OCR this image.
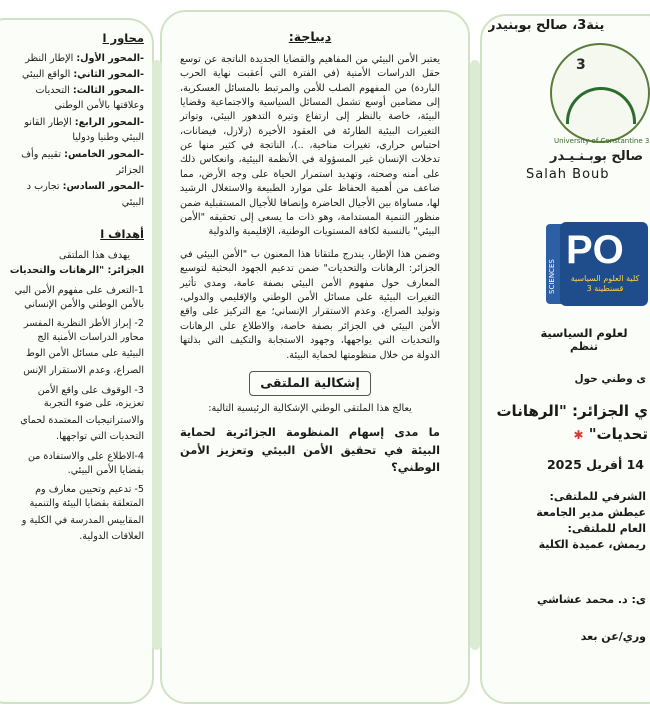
محاور ا
-المحور الأول: الإطار النظر
-المحور الثاني: الواقع البيئي
-المحور الثالث: التحديات
وعلاقتها بالأمن الوطني
-المحور الرابع: الإطار القانو
البيئي وطنيا ودوليا
-المحور الخامس: تقييم وأف
الجزائر
-المحور السادس: تجارب د
البيئي
أهداف ا
يهدف هذا الملتقى
الجزائر: "الرهانات والتحديات
1-التعرف على مفهوم الأمن البي
بالأمن الوطني والأمن الإنساني
2- إبراز الأطر النظرية المفسر
محاور الدراسات الأمنية الج
البيئية على مسائل الأمن الوط
الصراع، وعدم الاستقرار الإنس
3- الوقوف على واقع الأمن
تعزيزه، على ضوء التجربة
والاستراتيجيات المعتمدة لحماي
التحديات التي تواجهها.
4-الاطلاع على والاستفادة من
بقضايا الأمن البيئي.
5- تدعيم وتحيين معارف وم
المتعلقة بقضايا البيئة والتنمية
المقاييس المدرسة في الكلية و
العلاقات الدولية.
ديباجة:
يعتبر الأمن البيئي من المفاهيم والقضايا الجديدة الناتجة عن توسع حقل الدراسات الأمنية (في الفترة التي أعقبت نهاية الحرب الباردة) من المفهوم الصلب للأمن والمرتبط بالمسائل العسكرية، إلى مضامين أوسع تشمل المسائل السياسية والاجتماعية وقضايا البيئة، خاصة بالنظر إلى ارتفاع وتيرة التدهور البيئي، وتواتر التغيرات البيئية الطارئة في العقود الأخيرة (زلازل، فيضانات، احتباس حراري، تغيرات مناخية، ..)، الناتجة في كثير منها عن تدخلات الإنسان غير المسؤولة في الأنظمة البيئية، وانعكاس ذلك على أمنه وصحته، وتهديد استمرار الحياة على وجه الأرض، مما ضاعف من أهمية الحفاظ على موارد الطبيعة والاستغلال الرشيد لها، مساواة بين الأجيال الحاضرة وإنصافا للأجيال المستقبلية ضمن منظور التنمية المستدامة، وهو ذات ما يسعى إلى تحقيقه "الأمن البيئي" بالنسبة لكافة المستويات الوطنية، الإقليمية والدولية
وضمن هذا الإطار، يندرج ملتقانا هذا المعنون ب "الأمن البيئي في الجزائر: الرهانات والتحديات" ضمن تدعيم الجهود البحثية لتوسيع المعارف حول مفهوم الأمن البيئي بصفة عامة، ومدى تأثير التغيرات البيئية على مسائل الأمن الوطني والإقليمي والدولي، وتوليد الصراع، وعدم الاستقرار الإنساني؛ مع التركيز على واقع الأمن البيئي في الجزائر بصفة خاصة، والاطلاع على الرهانات والتحديات التي يواجهها، وجهود الاستجابة والتكيف التي بذلتها الدولة من خلال منظومتها لحماية البيئة.
إشكالية الملتقى
يعالج هذا الملتقى الوطني الإشكالية الرئيسية التالية:
ما مدى إسهام المنظومة الجزائرية لحماية البيئة في تحقيق الأمن البيئي وتعزيز الأمن الوطني؟
ينة3، صالح بوبنيدر
3
University of Constantine 3
صالح بوبـنـيـدر
Salah Boub
SCIENCES
PO
كلية العلوم السياسية قسنطينة 3
لعلوم السياسية
تنظم
ى وطني حول
ي الجزائر: "الرهانات
تحديات" ✱
14 أفريل 2025
الشرفي للملتقى:
عيطش مدير الجامعة
العام للملتقى:
ريمش، عميدة الكلية
ى: د. محمد عشاشي
وري/عن بعد
